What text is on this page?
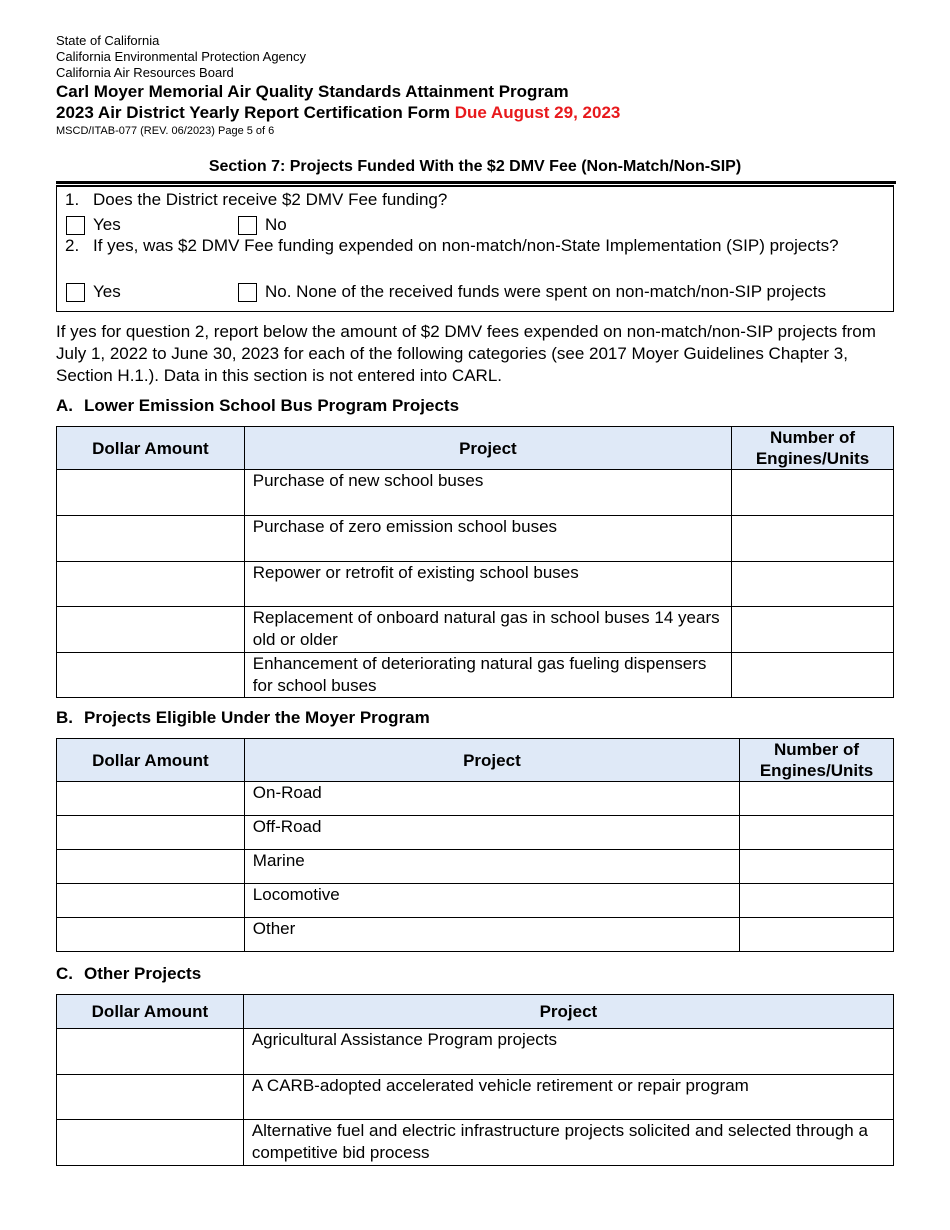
State of California
California Environmental Protection Agency
California Air Resources Board
Carl Moyer Memorial Air Quality Standards Attainment Program
2023 Air District Yearly Report Certification Form Due August 29, 2023
MSCD/ITAB-077 (REV. 06/2023) Page 5 of 6
Section 7: Projects Funded With the $2 DMV Fee (Non-Match/Non-SIP)
1. Does the District receive $2 DMV Fee funding?
Yes	No
2. If yes, was $2 DMV Fee funding expended on non-match/non-State Implementation (SIP) projects?
Yes	No. None of the received funds were spent on non-match/non-SIP projects
If yes for question 2, report below the amount of $2 DMV fees expended on non-match/non-SIP projects from July 1, 2022 to June 30, 2023 for each of the following categories (see 2017 Moyer Guidelines Chapter 3, Section H.1.). Data in this section is not entered into CARL.
A. Lower Emission School Bus Program Projects
Dollar Amount	Project	Number of Engines/Units
	Purchase of new school buses	
	Purchase of zero emission school buses	
	Repower or retrofit of existing school buses	
	Replacement of onboard natural gas in school buses 14 years old or older	
	Enhancement of deteriorating natural gas fueling dispensers for school buses	
B. Projects Eligible Under the Moyer Program
Dollar Amount	Project	Number of Engines/Units
	On-Road	
	Off-Road	
	Marine	
	Locomotive	
	Other	
C. Other Projects
Dollar Amount	Project
	Agricultural Assistance Program projects
	A CARB-adopted accelerated vehicle retirement or repair program
	Alternative fuel and electric infrastructure projects solicited and selected through a competitive bid process
